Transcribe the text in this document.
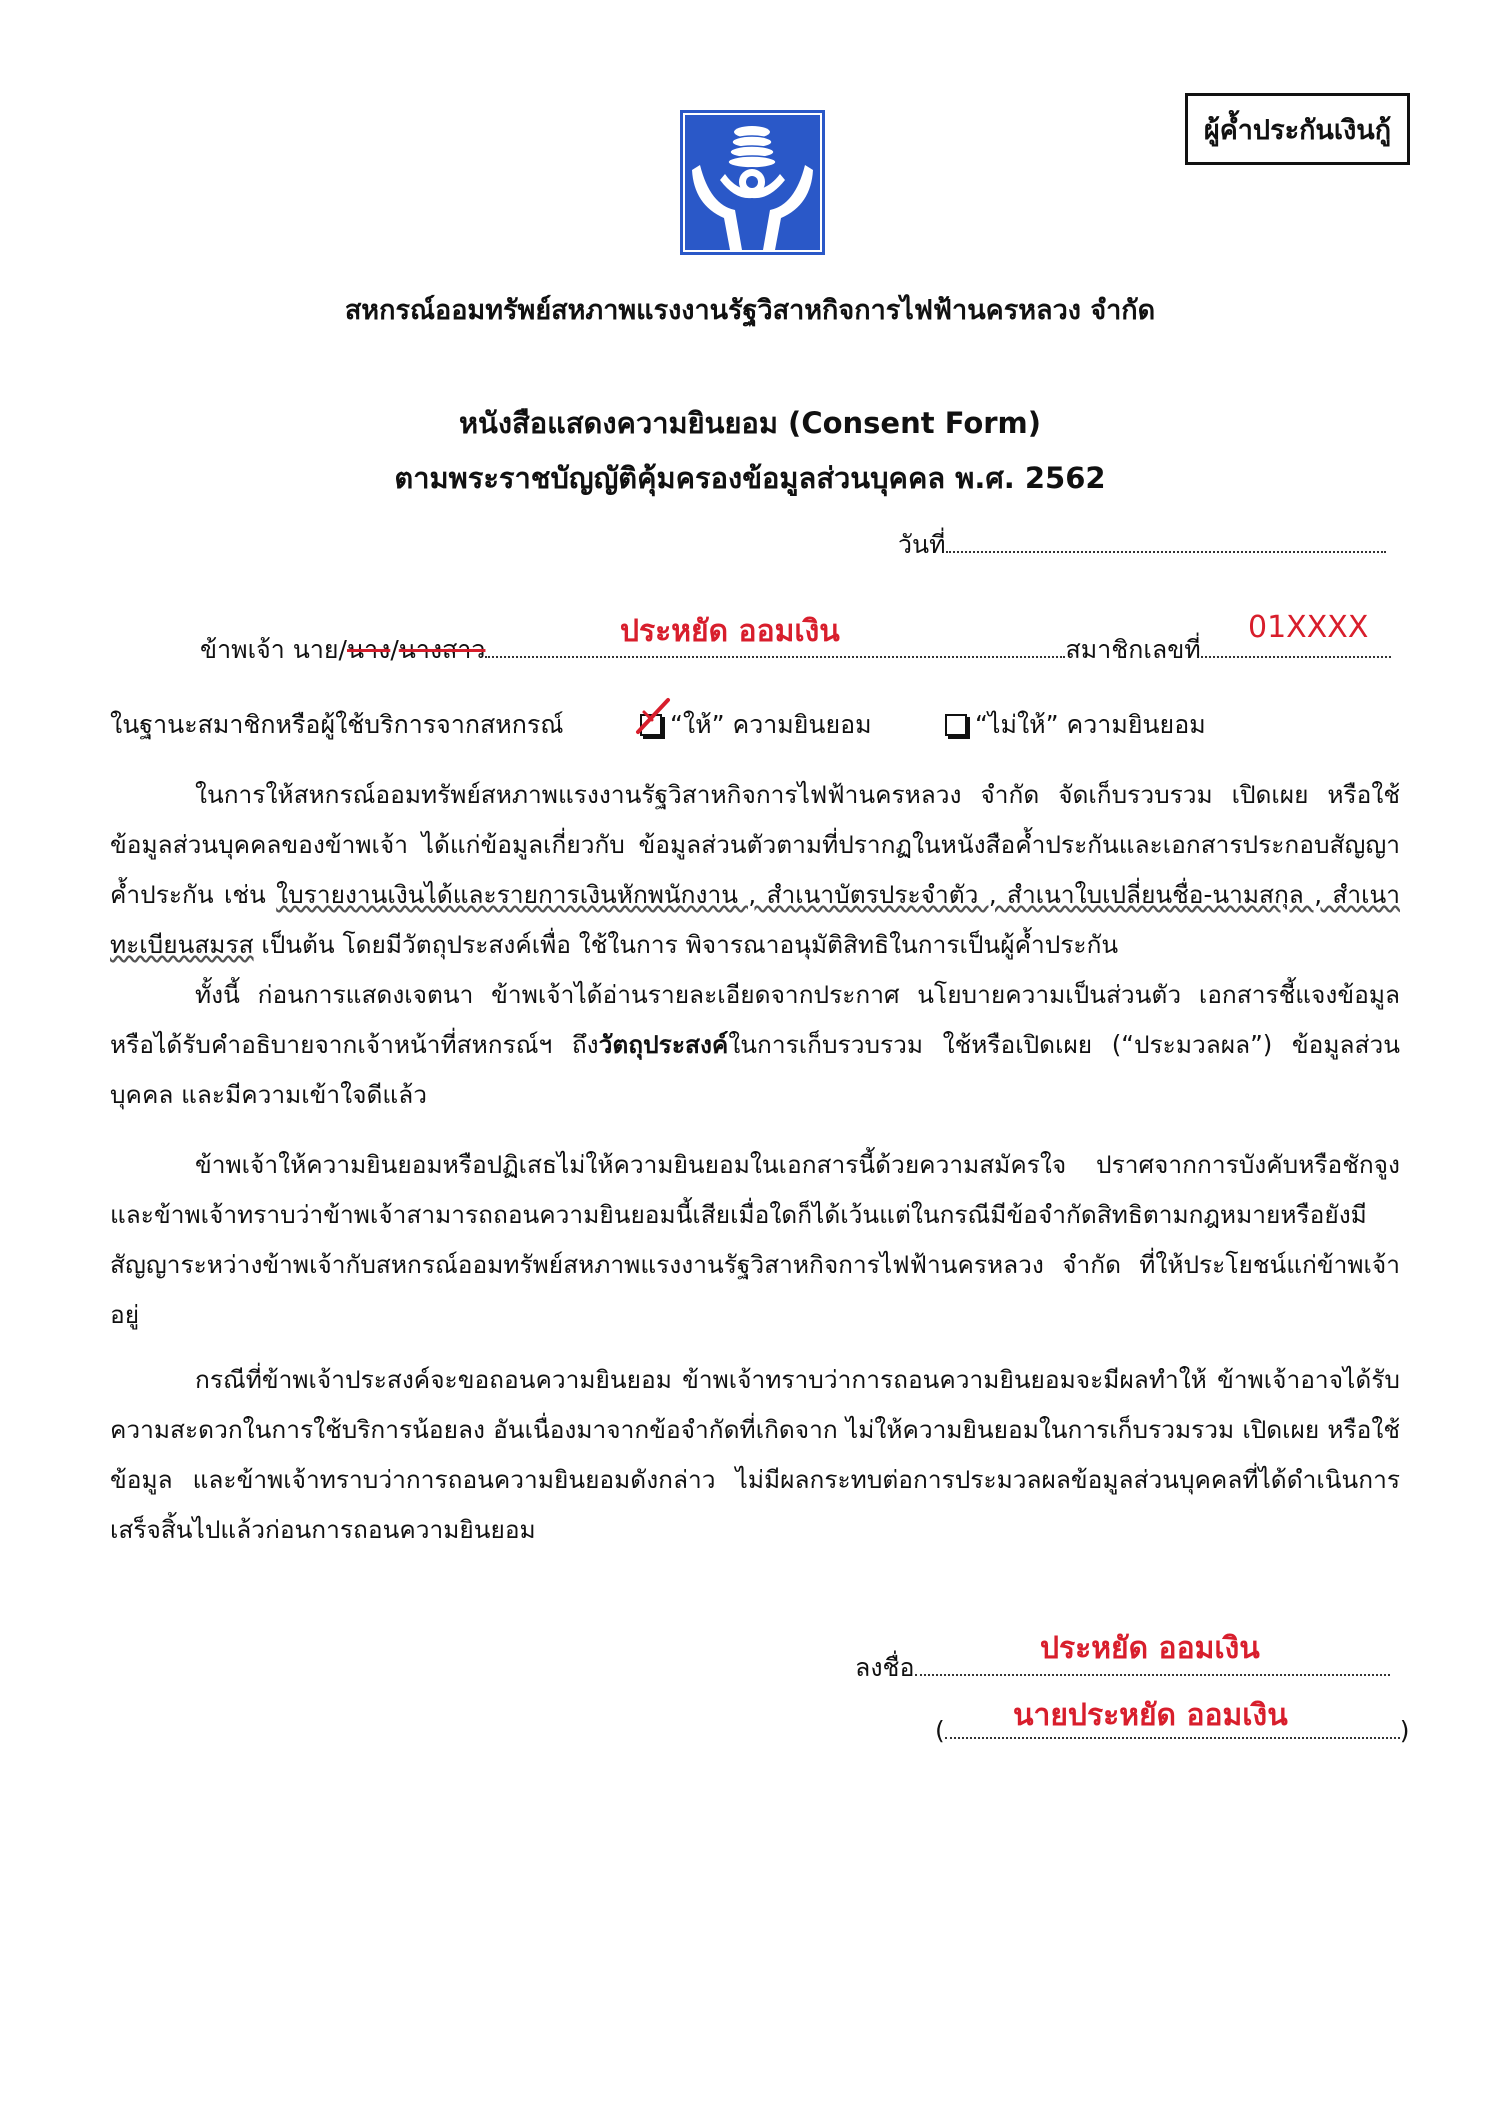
ผู้ค้ำประกันเงินกู้
สหกรณ์ออมทรัพย์สหภาพแรงงานรัฐวิสาหกิจการไฟฟ้านครหลวง จำกัด
หนังสือแสดงความยินยอม (Consent Form)
ตามพระราชบัญญัติคุ้มครองข้อมูลส่วนบุคคล พ.ศ. 2562
วันที่
ข้าพเจ้า นาย/นาง/นางสาว	สมาชิกเลขที่
ประหยัด ออมเงิน	01XXXX
ในฐานะสมาชิกหรือผู้ใช้บริการจากสหกรณ์	“ให้” ความยินยอม	“ไม่ให้” ความยินยอม
ในการให้สหกรณ์ออมทรัพย์สหภาพแรงงานรัฐวิสาหกิจการไฟฟ้านครหลวง จำกัด จัดเก็บรวบรวม เปิดเผย หรือใช้ข้อมูลส่วนบุคคลของข้าพเจ้า ได้แก่ข้อมูลเกี่ยวกับ ข้อมูลส่วนตัวตามที่ปรากฏในหนังสือค้ำประกันและเอกสารประกอบสัญญาค้ำประกัน เช่น ใบรายงานเงินได้และรายการเงินหักพนักงาน , สำเนาบัตรประจำตัว , สำเนาใบเปลี่ยนชื่อ-นามสกุล , สำเนาทะเบียนสมรส เป็นต้น โดยมีวัตถุประสงค์เพื่อ ใช้ในการ พิจารณาอนุมัติสิทธิในการเป็นผู้ค้ำประกัน
ทั้งนี้ ก่อนการแสดงเจตนา ข้าพเจ้าได้อ่านรายละเอียดจากประกาศ นโยบายความเป็นส่วนตัว เอกสารชี้แจงข้อมูล หรือได้รับคำอธิบายจากเจ้าหน้าที่สหกรณ์ฯ ถึงวัตถุประสงค์ในการเก็บรวบรวม ใช้หรือเปิดเผย (“ประมวลผล”) ข้อมูลส่วนบุคคล และมีความเข้าใจดีแล้ว
ข้าพเจ้าให้ความยินยอมหรือปฏิเสธไม่ให้ความยินยอมในเอกสารนี้ด้วยความสมัครใจ ปราศจากการบังคับหรือชักจูง และข้าพเจ้าทราบว่าข้าพเจ้าสามารถถอนความยินยอมนี้เสียเมื่อใดก็ได้เว้นแต่ในกรณีมีข้อจำกัดสิทธิตามกฎหมายหรือยังมีสัญญาระหว่างข้าพเจ้ากับสหกรณ์ออมทรัพย์สหภาพแรงงานรัฐวิสาหกิจการไฟฟ้านครหลวง จำกัด ที่ให้ประโยชน์แก่ข้าพเจ้าอยู่
กรณีที่ข้าพเจ้าประสงค์จะขอถอนความยินยอม ข้าพเจ้าทราบว่าการถอนความยินยอมจะมีผลทำให้ ข้าพเจ้าอาจได้รับความสะดวกในการใช้บริการน้อยลง อันเนื่องมาจากข้อจำกัดที่เกิดจาก ไม่ให้ความยินยอมในการเก็บรวมรวม เปิดเผย หรือใช้ข้อมูล และข้าพเจ้าทราบว่าการถอนความยินยอมดังกล่าว ไม่มีผลกระทบต่อการประมวลผลข้อมูลส่วนบุคคลที่ได้ดำเนินการเสร็จสิ้นไปแล้วก่อนการถอนความยินยอม
ลงชื่อ
ประหยัด ออมเงิน
(	)
นายประหยัด ออมเงิน
